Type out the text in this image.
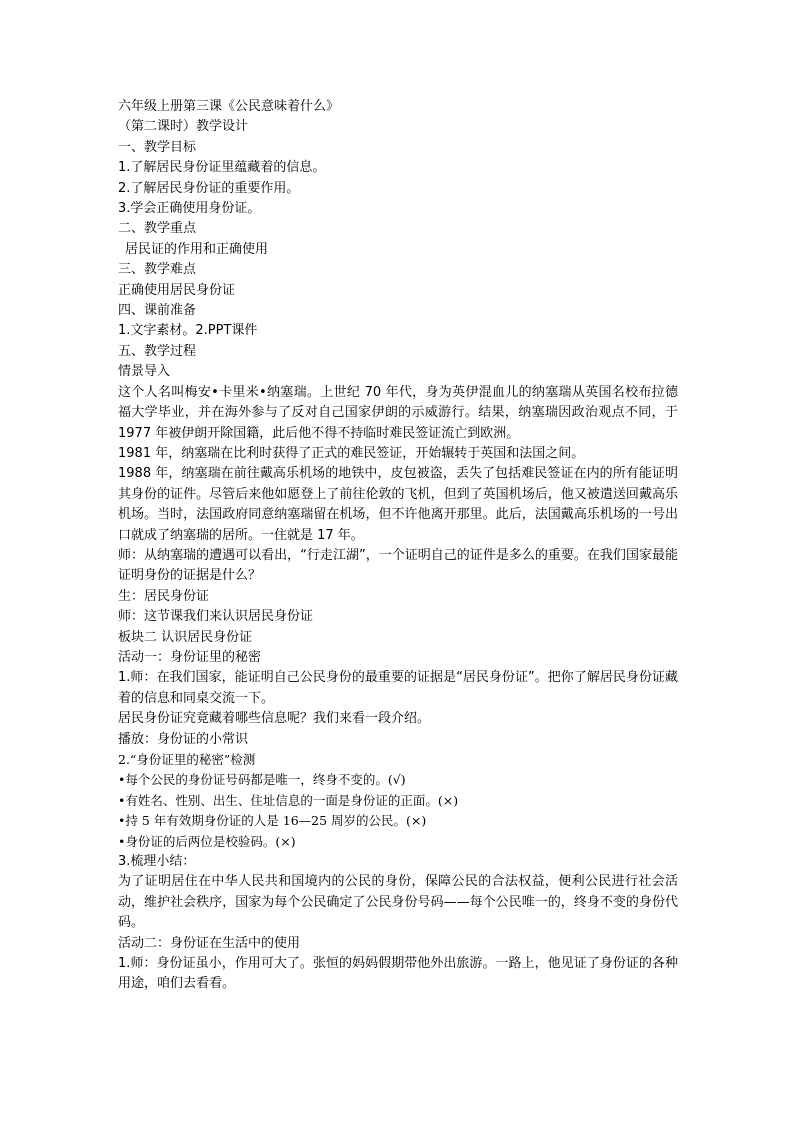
六年级上册第三课《公民意味着什么》
（第二课时）教学设计
一、教学目标
1.了解居民身份证里蕴藏着的信息。
2.了解居民身份证的重要作用。
3.学会正确使用身份证。
二、教学重点
居民证的作用和正确使用
三、教学难点
正确使用居民身份证
四、课前准备
1.文字素材。2.PPT课件
五、教学过程
情景导入
这个人名叫梅安•卡里米•纳塞瑞。上世纪 70 年代，身为英伊混血儿的纳塞瑞从英国名校布拉德福大学毕业，并在海外参与了反对自己国家伊朗的示威游行。结果，纳塞瑞因政治观点不同，于 1977 年被伊朗开除国籍，此后他不得不持临时难民签证流亡到欧洲。
1981 年，纳塞瑞在比利时获得了正式的难民签证，开始辗转于英国和法国之间。
1988 年，纳塞瑞在前往戴高乐机场的地铁中，皮包被盗，丢失了包括难民签证在内的所有能证明其身份的证件。尽管后来他如愿登上了前往伦敦的飞机，但到了英国机场后，他又被遣送回戴高乐机场。当时，法国政府同意纳塞瑞留在机场，但不许他离开那里。此后，法国戴高乐机场的一号出口就成了纳塞瑞的居所。一住就是 17 年。
师：从纳塞瑞的遭遇可以看出，“行走江湖”，一个证明自己的证件是多么的重要。在我们国家最能证明身份的证据是什么？
生：居民身份证
师：这节课我们来认识居民身份证
板块二 认识居民身份证
活动一：身份证里的秘密
1.师：在我们国家，能证明自己公民身份的最重要的证据是“居民身份证”。把你了解居民身份证藏着的信息和同桌交流一下。
居民身份证究竟藏着哪些信息呢？我们来看一段介绍。
播放：身份证的小常识
2.“身份证里的秘密”检测
•每个公民的身份证号码都是唯一，终身不变的。(√)
•有姓名、性别、出生、住址信息的一面是身份证的正面。(×)
•持 5 年有效期身份证的人是 16—25 周岁的公民。(×)
•身份证的后两位是校验码。(×)
3.梳理小结：
为了证明居住在中华人民共和国境内的公民的身份，保障公民的合法权益，便利公民进行社会活动，维护社会秩序，国家为每个公民确定了公民身份号码——每个公民唯一的，终身不变的身份代码。
活动二：身份证在生活中的使用
1.师：身份证虽小，作用可大了。张恒的妈妈假期带他外出旅游。一路上，他见证了身份证的各种用途，咱们去看看。
